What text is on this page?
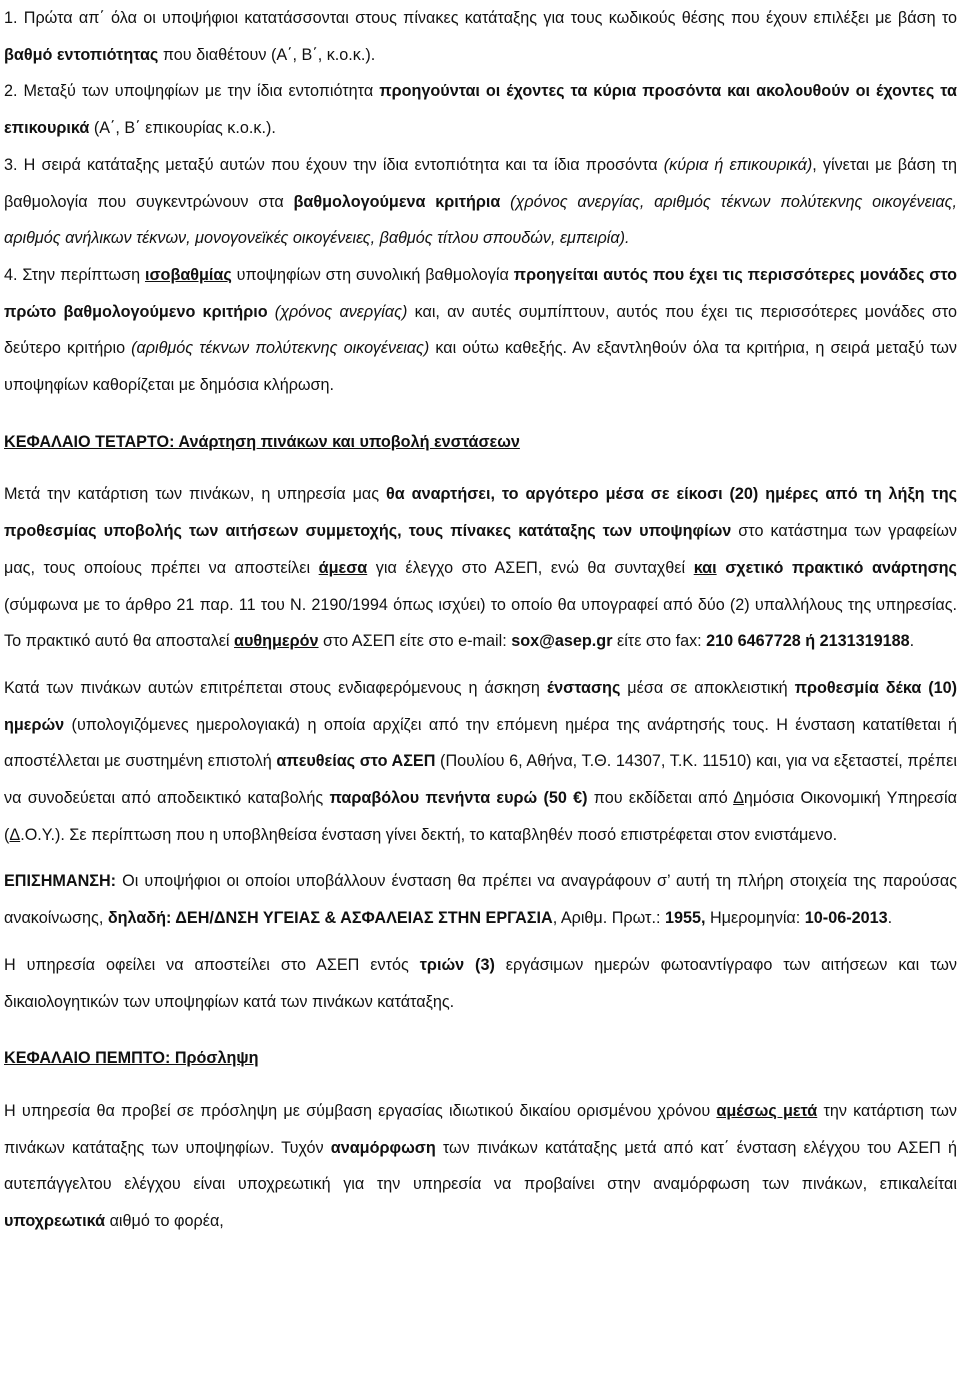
1. Πρώτα απ΄ όλα οι υποψήφιοι κατατάσσονται στους πίνακες κατάταξης για τους κωδικούς θέσης που έχουν επιλέξει με βάση το βαθμό εντοπιότητας που διαθέτουν (Α΄, Β΄, κ.ο.κ.).

2. Μεταξύ των υποψηφίων με την ίδια εντοπιότητα προηγούνται οι έχοντες τα κύρια προσόντα και ακολουθούν οι έχοντες τα επικουρικά (Α΄, Β΄ επικουρίας κ.ο.κ.).

3. Η σειρά κατάταξης μεταξύ αυτών που έχουν την ίδια εντοπιότητα και τα ίδια προσόντα (κύρια ή επικουρικά), γίνεται με βάση τη βαθμολογία που συγκεντρώνουν στα βαθμολογούμενα κριτήρια (χρόνος ανεργίας, αριθμός τέκνων πολύτεκνης οικογένειας, αριθμός ανήλικων τέκνων, μονογονεϊκές οικογένειες, βαθμός τίτλου σπουδών, εμπειρία).

4. Στην περίπτωση ισοβαθμίας υποψηφίων στη συνολική βαθμολογία προηγείται αυτός που έχει τις περισσότερες μονάδες στο πρώτο βαθμολογούμενο κριτήριο (χρόνος ανεργίας) και, αν αυτές συμπίπτουν, αυτός που έχει τις περισσότερες μονάδες στο δεύτερο κριτήριο (αριθμός τέκνων πολύτεκνης οικογένειας) και ούτω καθεξής. Αν εξαντληθούν όλα τα κριτήρια, η σειρά μεταξύ των υποψηφίων καθορίζεται με δημόσια κλήρωση.

ΚΕΦΑΛΑΙΟ ΤΕΤΑΡΤΟ: Ανάρτηση πινάκων και υποβολή ενστάσεων

Μετά την κατάρτιση των πινάκων, η υπηρεσία μας θα αναρτήσει, το αργότερο μέσα σε είκοσι (20) ημέρες από τη λήξη της προθεσμίας υποβολής των αιτήσεων συμμετοχής, τους πίνακες κατάταξης των υποψηφίων στο κατάστημα των γραφείων μας, τους οποίους πρέπει να αποστείλει άμεσα για έλεγχο στο ΑΣΕΠ, ενώ θα συνταχθεί και σχετικό πρακτικό ανάρτησης (σύμφωνα με το άρθρο 21 παρ. 11 του Ν. 2190/1994 όπως ισχύει) το οποίο θα υπογραφεί από δύο (2) υπαλλήλους της υπηρεσίας. Το πρακτικό αυτό θα αποσταλεί αυθημερόν στο ΑΣΕΠ είτε στο e-mail: sox@asep.gr είτε στο fax: 210 6467728 ή 2131319188.

Κατά των πινάκων αυτών επιτρέπεται στους ενδιαφερόμενους η άσκηση ένστασης μέσα σε αποκλειστική προθεσμία δέκα (10) ημερών (υπολογιζόμενες ημερολογιακά) η οποία αρχίζει από την επόμενη ημέρα της ανάρτησής τους. Η ένσταση κατατίθεται ή αποστέλλεται με συστημένη επιστολή απευθείας στο ΑΣΕΠ (Πουλίου 6, Αθήνα, Τ.Θ. 14307, Τ.Κ. 11510) και, για να εξεταστεί, πρέπει να συνοδεύεται από αποδεικτικό καταβολής παραβόλου πενήντα ευρώ (50 €) που εκδίδεται από Δημόσια Οικονομική Υπηρεσία (Δ.Ο.Υ.). Σε περίπτωση που η υποβληθείσα ένσταση γίνει δεκτή, το καταβληθέν ποσό επιστρέφεται στον ενιστάμενο.

ΕΠΙΣΗΜΑΝΣΗ: Οι υποψήφιοι οι οποίοι υποβάλλουν ένσταση θα πρέπει να αναγράφουν σ’ αυτή τη πλήρη στοιχεία της παρούσας ανακοίνωσης, δηλαδή: ΔΕΗ/ΔΝΣΗ ΥΓΕΙΑΣ & ΑΣΦΑΛΕΙΑΣ ΣΤΗΝ ΕΡΓΑΣΙΑ, Αριθμ. Πρωτ.: 1955, Ημερομηνία: 10-06-2013.

Η υπηρεσία οφείλει να αποστείλει στο ΑΣΕΠ εντός τριών (3) εργάσιμων ημερών φωτοαντίγραφο των αιτήσεων και των δικαιολογητικών των υποψηφίων κατά των πινάκων κατάταξης.

ΚΕΦΑΛΑΙΟ ΠΕΜΠΤΟ: Πρόσληψη

Η υπηρεσία θα προβεί σε πρόσληψη με σύμβαση εργασίας ιδιωτικού δικαίου ορισμένου χρόνου αμέσως μετά την κατάρτιση των πινάκων κατάταξης των υποψηφίων. Τυχόν αναμόρφωση των πινάκων κατάταξης μετά από κατ΄ ένσταση ελέγχου του ΑΣΕΠ ή αυτεπάγγελτου ελέγχου είναι υποχρεωτική για την υπηρεσία να προβαίνει στην αναμόρφωση των πινάκων, επικαλείται υποχρεωτικά αιθμό το φορέα,
